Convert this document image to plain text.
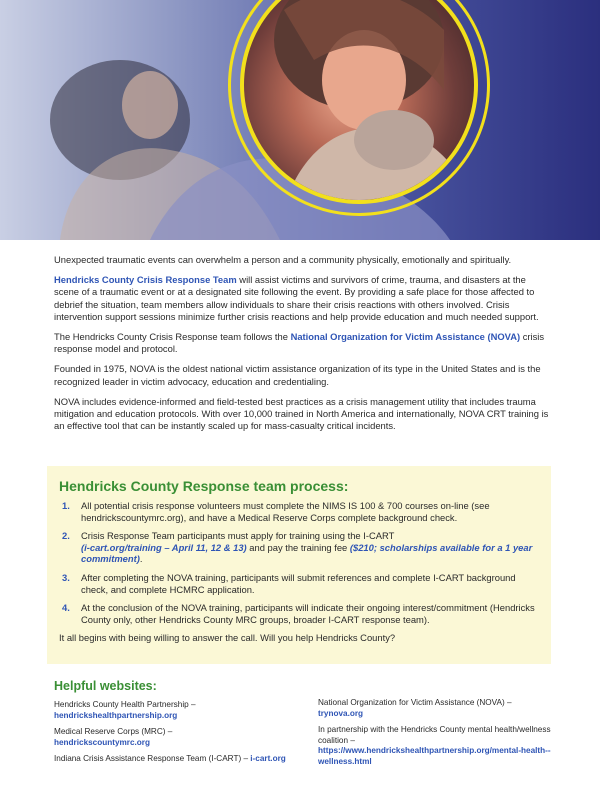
Unexpected traumatic events can overwhelm a person and a community physically, emotionally and spiritually.

Hendricks County Crisis Response Team will assist victims and survivors of crime, trauma, and disasters at the scene of a traumatic event or at a designated site following the event. By providing a safe place for those affected to debrief the situation, team members allow individuals to share their crisis reactions with others involved. Crisis intervention support sessions minimize further crisis reactions and help provide education and much needed support.

The Hendricks County Crisis Response team follows the National Organization for Victim Assistance (NOVA) crisis response model and protocol.

Founded in 1975, NOVA is the oldest national victim assistance organization of its type in the United States and is the recognized leader in victim advocacy, education and credentialing.

NOVA includes evidence-informed and field-tested best practices as a crisis management utility that includes trauma mitigation and education protocols. With over 10,000 trained in North America and internationally, NOVA CRT training is an effective tool that can be instantly scaled up for mass-casualty critical incidents.

Hendricks County Response team process:
1. All potential crisis response volunteers must complete the NIMS IS 100 & 700 courses on-line (see hendrickscountymrc.org), and have a Medical Reserve Corps complete background check.
2. Crisis Response Team participants must apply for training using the I-CART
(i-cart.org/training – April 11, 12 & 13) and pay the training fee ($210; scholarships available for a 1 year commitment).
3. After completing the NOVA training, participants will submit references and complete I-CART background check, and complete HCMRC application.
4. At the conclusion of the NOVA training, participants will indicate their ongoing interest/commitment (Hendricks County only, other Hendricks County MRC groups, broader I-CART response team).

It all begins with being willing to answer the call. Will you help Hendricks County?

Helpful websites:
Hendricks County Health Partnership –
hendrickshealthpartnership.org
Medical Reserve Corps (MRC) –
hendrickscountymrc.org
Indiana Crisis Assistance Response Team (I-CART) – i-cart.org
National Organization for Victim Assistance (NOVA) – trynova.org
In partnership with the Hendricks County mental health/wellness coalition – https://www.hendrickshealthpartnership.org/mental-health--wellness.html
